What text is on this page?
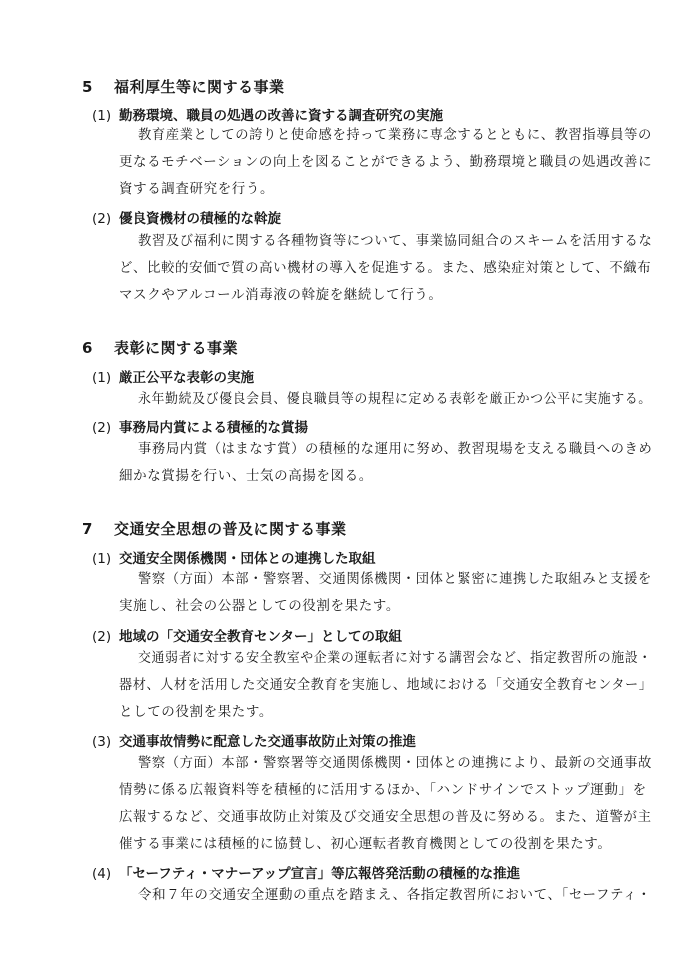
5 福利厚生等に関する事業
(1) 勤務環境、職員の処遇の改善に資する調査研究の実施
教育産業としての誇りと使命感を持って業務に専念するとともに、教習指導員等の
更なるモチベーションの向上を図ることができるよう、勤務環境と職員の処遇改善に
資する調査研究を行う。
(2) 優良資機材の積極的な斡旋
教習及び福利に関する各種物資等について、事業協同組合のスキームを活用するな
ど、比較的安価で質の高い機材の導入を促進する。また、感染症対策として、不織布
マスクやアルコール消毒液の斡旋を継続して行う。
6 表彰に関する事業
(1) 厳正公平な表彰の実施
永年勤続及び優良会員、優良職員等の規程に定める表彰を厳正かつ公平に実施する。
(2) 事務局内賞による積極的な賞揚
事務局内賞（はまなす賞）の積極的な運用に努め、教習現場を支える職員へのきめ
細かな賞揚を行い、士気の高揚を図る。
7 交通安全思想の普及に関する事業
(1) 交通安全関係機関・団体との連携した取組
警察（方面）本部・警察署、交通関係機関・団体と緊密に連携した取組みと支援を
実施し、社会の公器としての役割を果たす。
(2) 地域の「交通安全教育センター」としての取組
交通弱者に対する安全教室や企業の運転者に対する講習会など、指定教習所の施設・
器材、人材を活用した交通安全教育を実施し、地域における「交通安全教育センター」
としての役割を果たす。
(3) 交通事故情勢に配意した交通事故防止対策の推進
警察（方面）本部・警察署等交通関係機関・団体との連携により、最新の交通事故
情勢に係る広報資料等を積極的に活用するほか、「ハンドサインでストップ運動」を
広報するなど、交通事故防止対策及び交通安全思想の普及に努める。また、道警が主
催する事業には積極的に協賛し、初心運転者教育機関としての役割を果たす。
(4) 「セーフティ・マナーアップ宣言」等広報啓発活動の積極的な推進
令和７年の交通安全運動の重点を踏まえ、各指定教習所において、「セーフティ・
